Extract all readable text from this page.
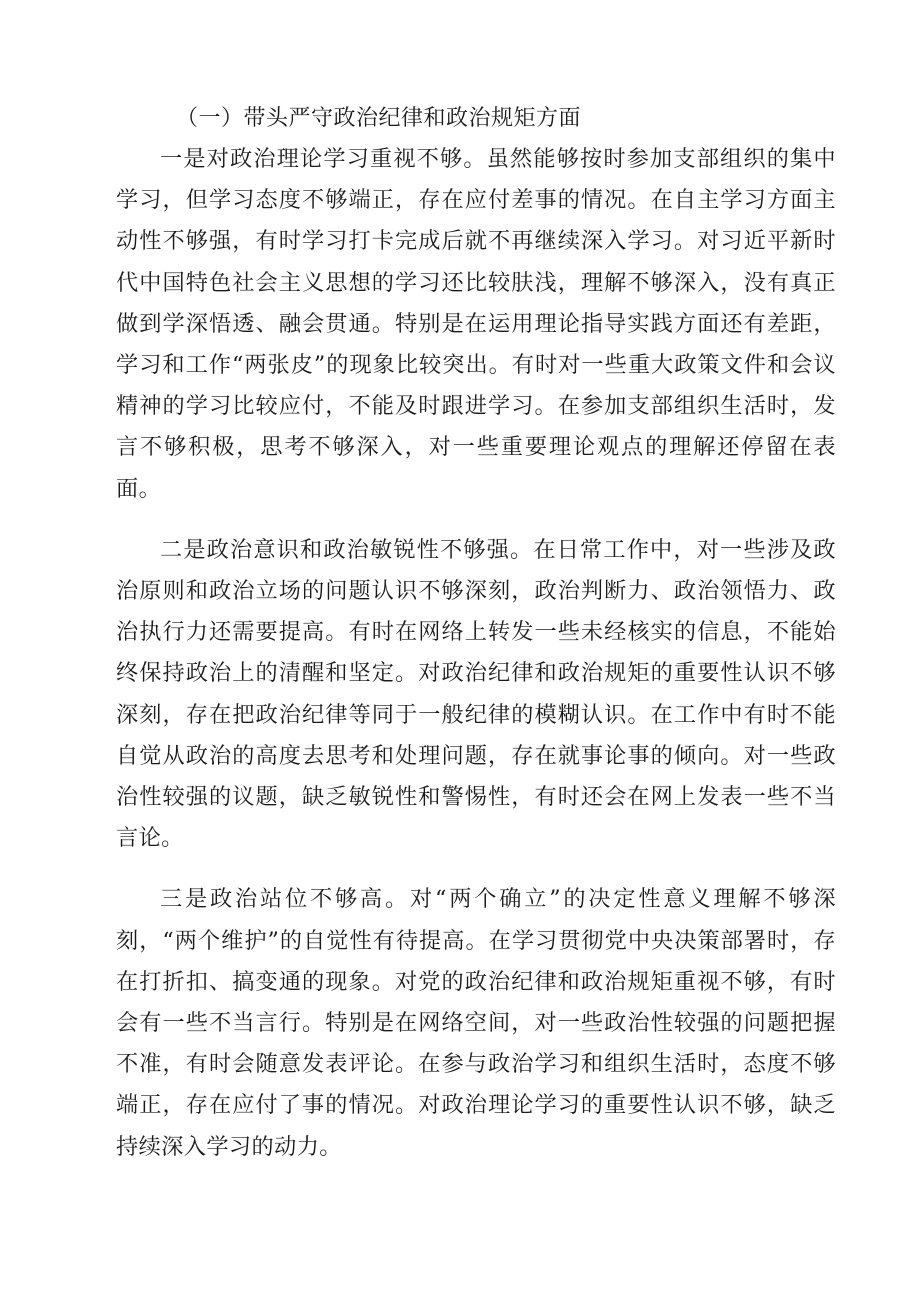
（一）带头严守政治纪律和政治规矩方面

一是对政治理论学习重视不够。虽然能够按时参加支部组织的集中学习，但学习态度不够端正，存在应付差事的情况。在自主学习方面主动性不够强，有时学习打卡完成后就不再继续深入学习。对习近平新时代中国特色社会主义思想的学习还比较肤浅，理解不够深入，没有真正做到学深悟透、融会贯通。特别是在运用理论指导实践方面还有差距，学习和工作“两张皮”的现象比较突出。有时对一些重大政策文件和会议精神的学习比较应付，不能及时跟进学习。在参加支部组织生活时，发言不够积极，思考不够深入，对一些重要理论观点的理解还停留在表面。

二是政治意识和政治敏锐性不够强。在日常工作中，对一些涉及政治原则和政治立场的问题认识不够深刻，政治判断力、政治领悟力、政治执行力还需要提高。有时在网络上转发一些未经核实的信息，不能始终保持政治上的清醒和坚定。对政治纪律和政治规矩的重要性认识不够深刻，存在把政治纪律等同于一般纪律的模糊认识。在工作中有时不能自觉从政治的高度去思考和处理问题，存在就事论事的倾向。对一些政治性较强的议题，缺乏敏锐性和警惕性，有时还会在网上发表一些不当言论。

三是政治站位不够高。对“两个确立”的决定性意义理解不够深刻，“两个维护”的自觉性有待提高。在学习贯彻党中央决策部署时，存在打折扣、搞变通的现象。对党的政治纪律和政治规矩重视不够，有时会有一些不当言行。特别是在网络空间，对一些政治性较强的问题把握不准，有时会随意发表评论。在参与政治学习和组织生活时，态度不够端正，存在应付了事的情况。对政治理论学习的重要性认识不够，缺乏持续深入学习的动力。
